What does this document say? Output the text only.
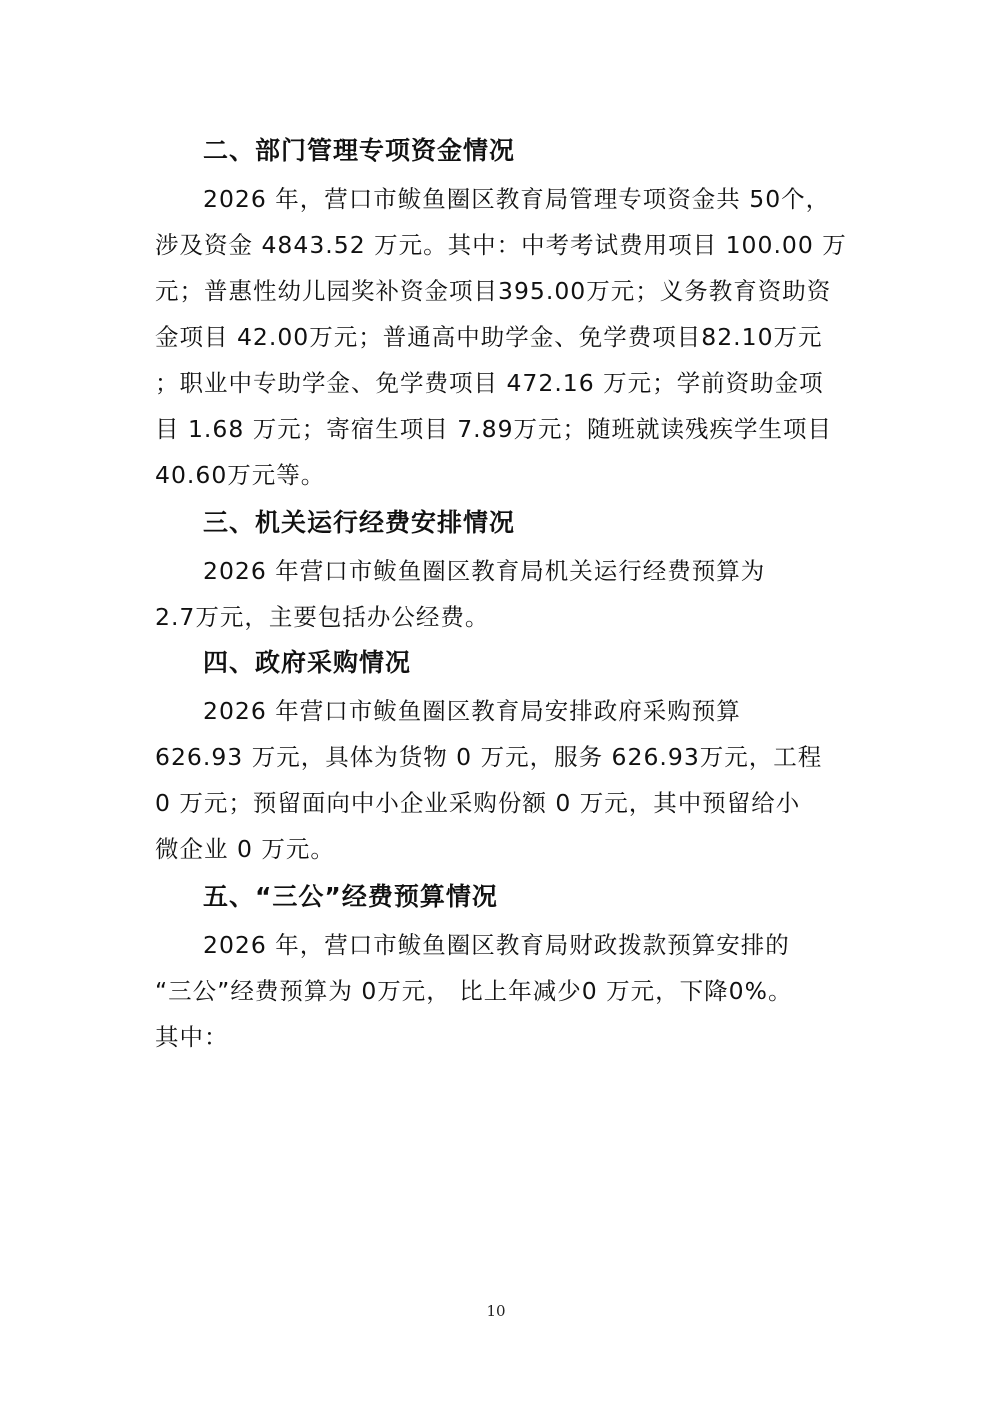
二、部门管理专项资金情况
2026 年，营口市鲅鱼圈区教育局管理专项资金共 50个，
涉及资金 4843.52 万元。其中：中考考试费用项目 100.00 万
元；普惠性幼儿园奖补资金项目395.00万元；义务教育资助资
金项目 42.00万元；普通高中助学金、免学费项目82.10万元
；职业中专助学金、免学费项目 472.16 万元；学前资助金项
目 1.68 万元；寄宿生项目 7.89万元；随班就读残疾学生项目
40.60万元等。
三、机关运行经费安排情况
2026 年营口市鲅鱼圈区教育局机关运行经费预算为
2.7万元，主要包括办公经费。
四、政府采购情况
2026 年营口市鲅鱼圈区教育局安排政府采购预算
626.93 万元，具体为货物 0 万元，服务 626.93万元，工程
0 万元；预留面向中小企业采购份额 0 万元，其中预留给小
微企业 0 万元。
五、“三公”经费预算情况
2026 年，营口市鲅鱼圈区教育局财政拨款预算安排的
“三公”经费预算为 0万元， 比上年减少0 万元，下降0%。
其中：
10
